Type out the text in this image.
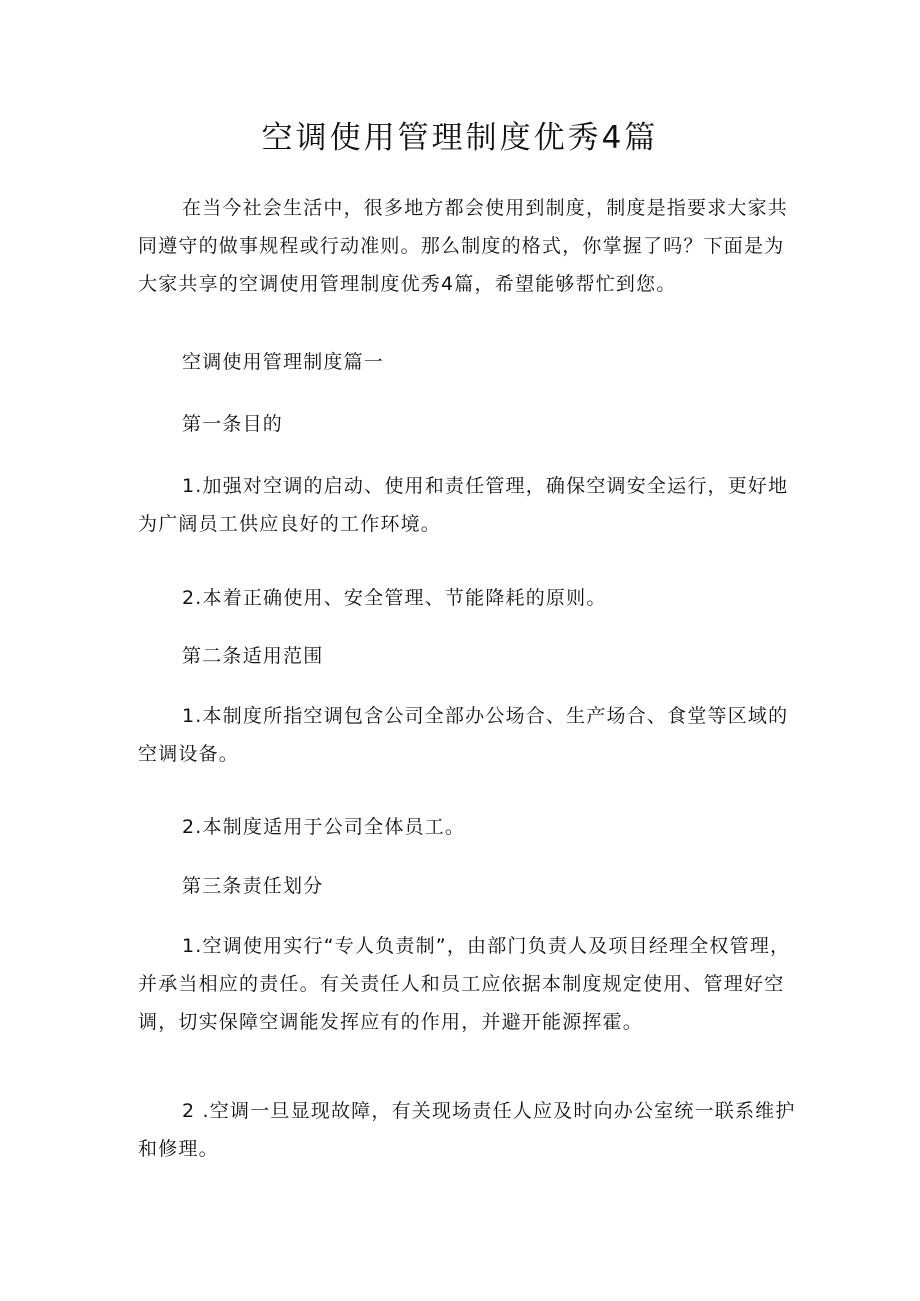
空调使用管理制度优秀4篇

在当今社会生活中，很多地方都会使用到制度，制度是指要求大家共同遵守的做事规程或行动准则。那么制度的格式，你掌握了吗？下面是为大家共享的空调使用管理制度优秀4篇，希望能够帮忙到您。

空调使用管理制度篇一

第一条目的

1.加强对空调的启动、使用和责任管理，确保空调安全运行，更好地为广阔员工供应良好的工作环境。

2.本着正确使用、安全管理、节能降耗的原则。

第二条适用范围

1.本制度所指空调包含公司全部办公场合、生产场合、食堂等区域的空调设备。

2.本制度适用于公司全体员工。

第三条责任划分

1.空调使用实行“专人负责制”，由部门负责人及项目经理全权管理，并承当相应的责任。有关责任人和员工应依据本制度规定使用、管理好空调，切实保障空调能发挥应有的作用，并避开能源挥霍。

2 .空调一旦显现故障，有关现场责任人应及时向办公室统一联系维护和修理。
